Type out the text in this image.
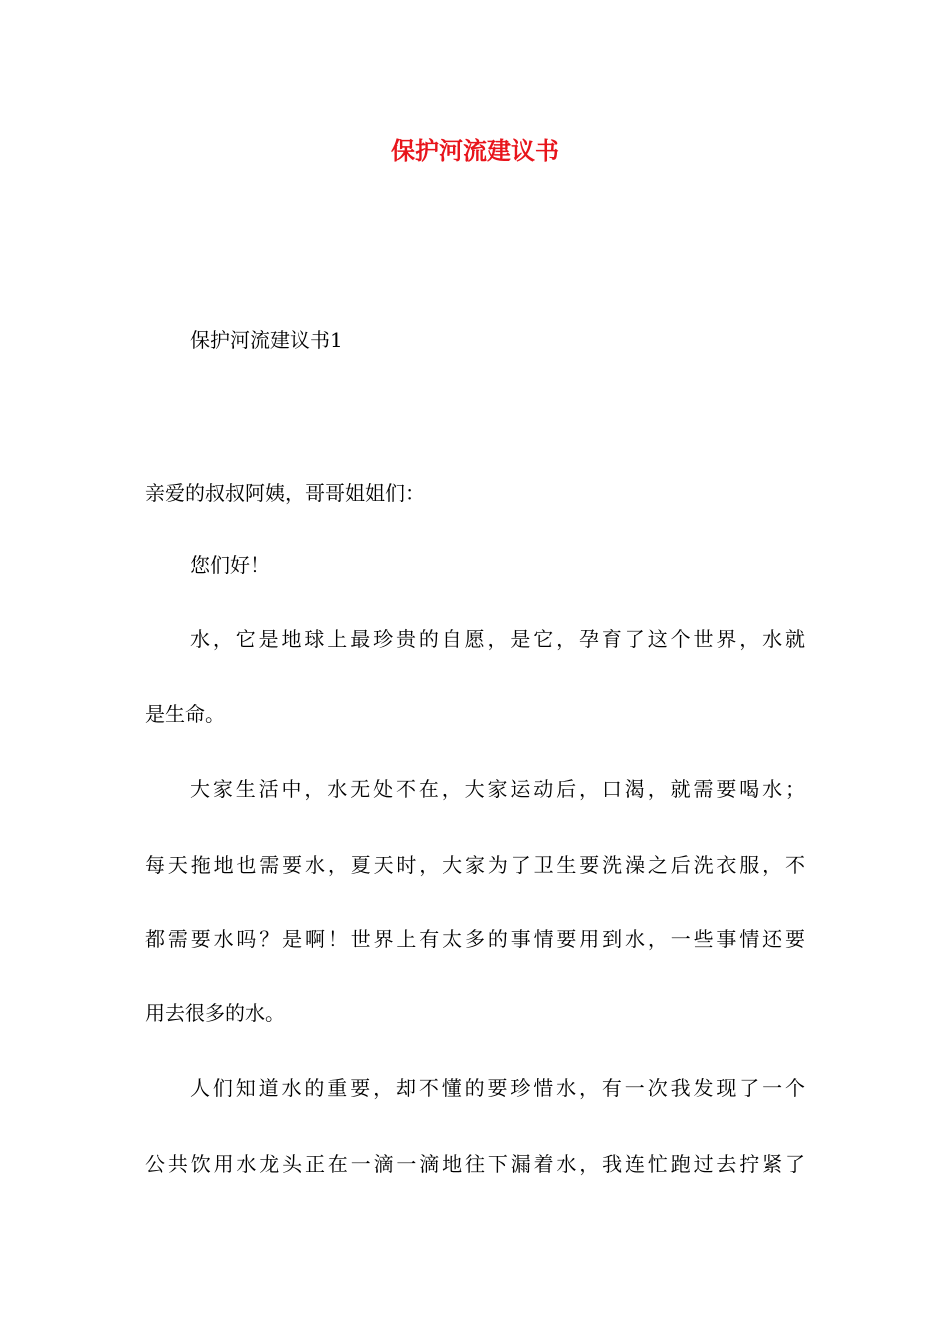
保护河流建议书

保护河流建议书1

亲爱的叔叔阿姨，哥哥姐姐们：

您们好！

水，它是地球上最珍贵的自愿，是它，孕育了这个世界，水就

是生命。

大家生活中，水无处不在，大家运动后，口渴，就需要喝水；

每天拖地也需要水，夏天时，大家为了卫生要洗澡之后洗衣服，不

都需要水吗？是啊！世界上有太多的事情要用到水，一些事情还要

用去很多的水。

人们知道水的重要，却不懂的要珍惜水，有一次我发现了一个

公共饮用水龙头正在一滴一滴地往下漏着水，我连忙跑过去拧紧了
